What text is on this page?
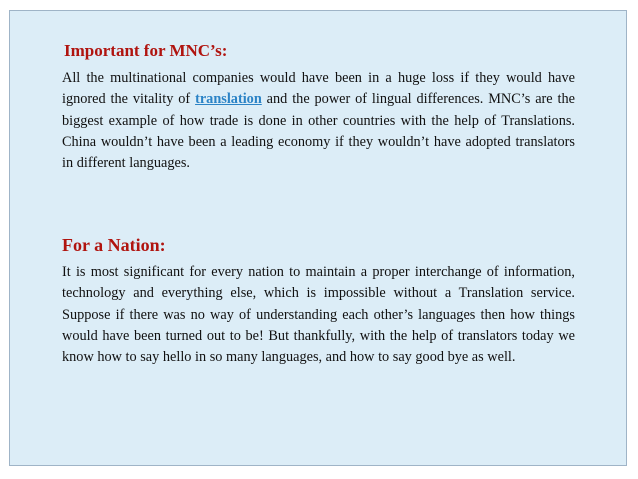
Important for MNC’s:
All the multinational companies would have been in a huge loss if they would have ignored the vitality of translation and the power of lingual differences. MNC’s are the biggest example of how trade is done in other countries with the help of Translations. China wouldn’t have been a leading economy if they wouldn’t have adopted translators in different languages.
For a Nation:
It is most significant for every nation to maintain a proper interchange of information, technology and everything else, which is impossible without a Translation service. Suppose if there was no way of understanding each other’s languages then how things would have been turned out to be! But thankfully, with the help of translators today we know how to say hello in so many languages, and how to say good bye as well.
